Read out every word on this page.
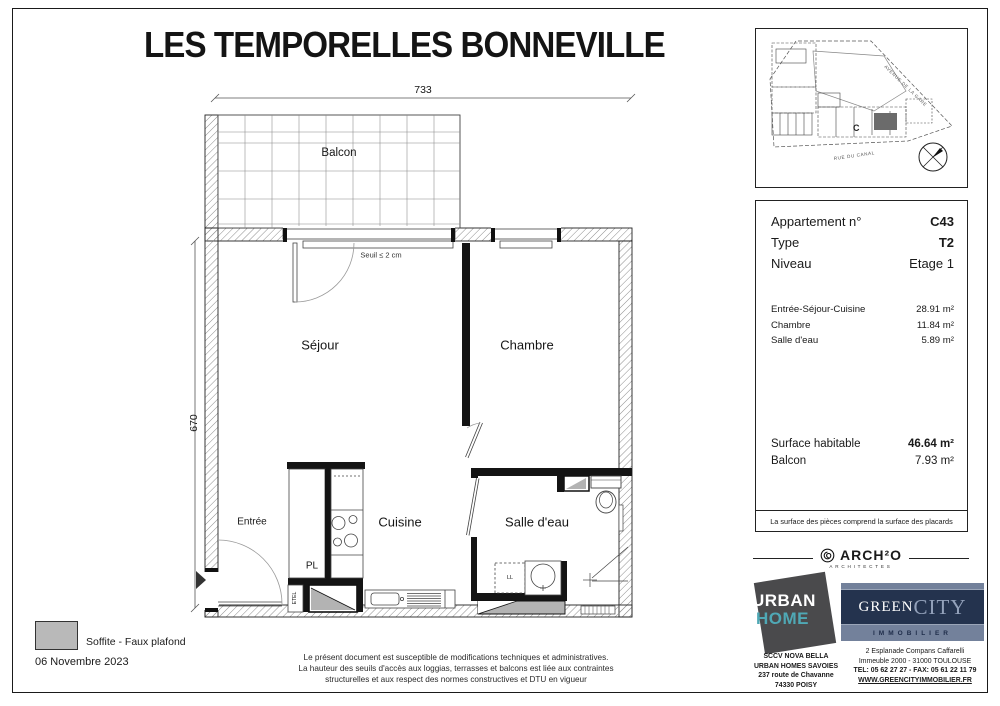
LES TEMPORELLES BONNEVILLE
C
AVENUE DE LA GARE
RUE DU CANAL
Balcon
Séjour	Chambre
Cuisine	Salle d'eau
Entrée
PL
ETEL
LL
Seuil ≤ 2 cm
733
670
Appartement n°	C43
Type	T2
Niveau	Etage 1
Entrée-Séjour-Cuisine	28.91 m²
Chambre	11.84 m²
Salle d'eau	5.89 m²
Surface habitable	46.64 m²
Balcon	7.93 m²
La surface des pièces comprend la surface des placards
ARCH²O
ARCHITECTES
URBAN
HOME
GREEN CITY
IMMOBILIER
SCCV NOVA BELLA
URBAN HOMES SAVOIES
237 route de Chavanne
74330 POISY
2 Esplanade Compans Caffarelli
Immeuble 2000 - 31000 TOULOUSE
TEL: 05 62 27 27 - FAX: 05 61 22 11 79
WWW.GREENCITYIMMOBILIER.FR
Le présent document est susceptible de modifications techniques et administratives.
La hauteur des seuils d'accès aux loggias, terrasses et balcons est liée aux contraintes
structurelles et aux respect des normes constructives et DTU en vigueur
Soffite - Faux plafond
06 Novembre 2023
